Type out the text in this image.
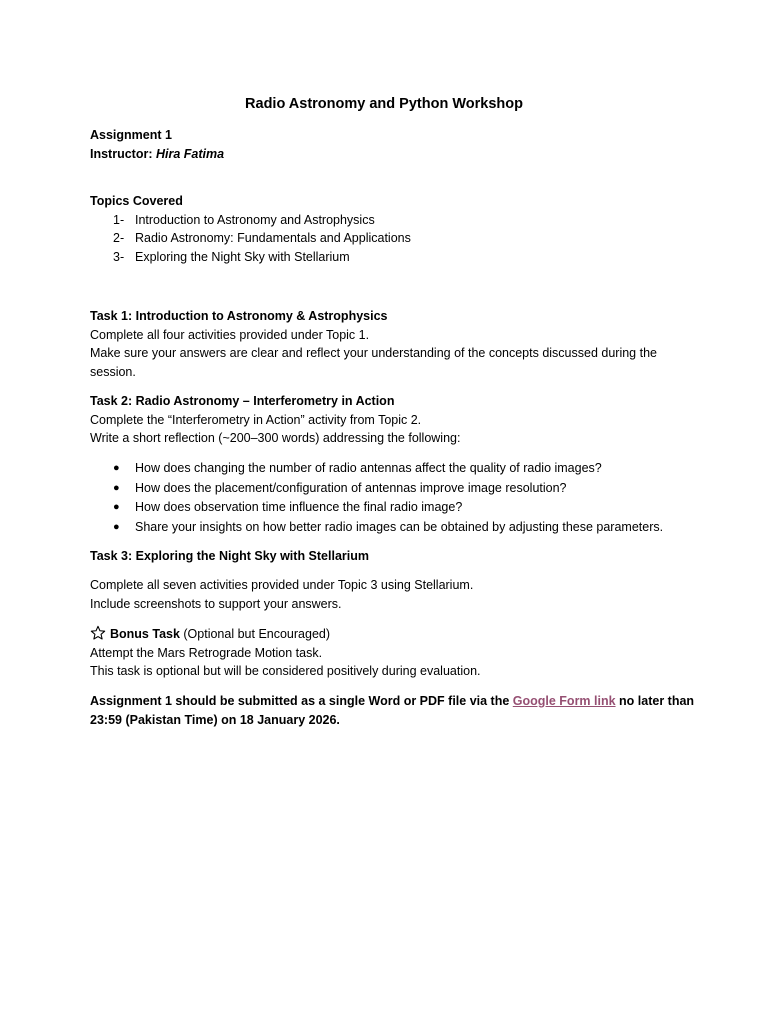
Radio Astronomy and Python Workshop
Assignment 1
Instructor: Hira Fatima
Topics Covered
1- Introduction to Astronomy and Astrophysics
2- Radio Astronomy: Fundamentals and Applications
3- Exploring the Night Sky with Stellarium
Task 1: Introduction to Astronomy & Astrophysics
Complete all four activities provided under Topic 1.
Make sure your answers are clear and reflect your understanding of the concepts discussed during the
session.
Task 2: Radio Astronomy – Interferometry in Action
Complete the “Interferometry in Action” activity from Topic 2.
Write a short reflection (~200–300 words) addressing the following:
●	How does changing the number of radio antennas affect the quality of radio images?
●	How does the placement/configuration of antennas improve image resolution?
●	How does observation time influence the final radio image?
●	Share your insights on how better radio images can be obtained by adjusting these parameters.
Task 3: Exploring the Night Sky with Stellarium
Complete all seven activities provided under Topic 3 using Stellarium.
Include screenshots to support your answers.
Bonus Task (Optional but Encouraged)
Attempt the Mars Retrograde Motion task.
This task is optional but will be considered positively during evaluation.
Assignment 1 should be submitted as a single Word or PDF file via the Google Form link no later than
23:59 (Pakistan Time) on 18 January 2026.
